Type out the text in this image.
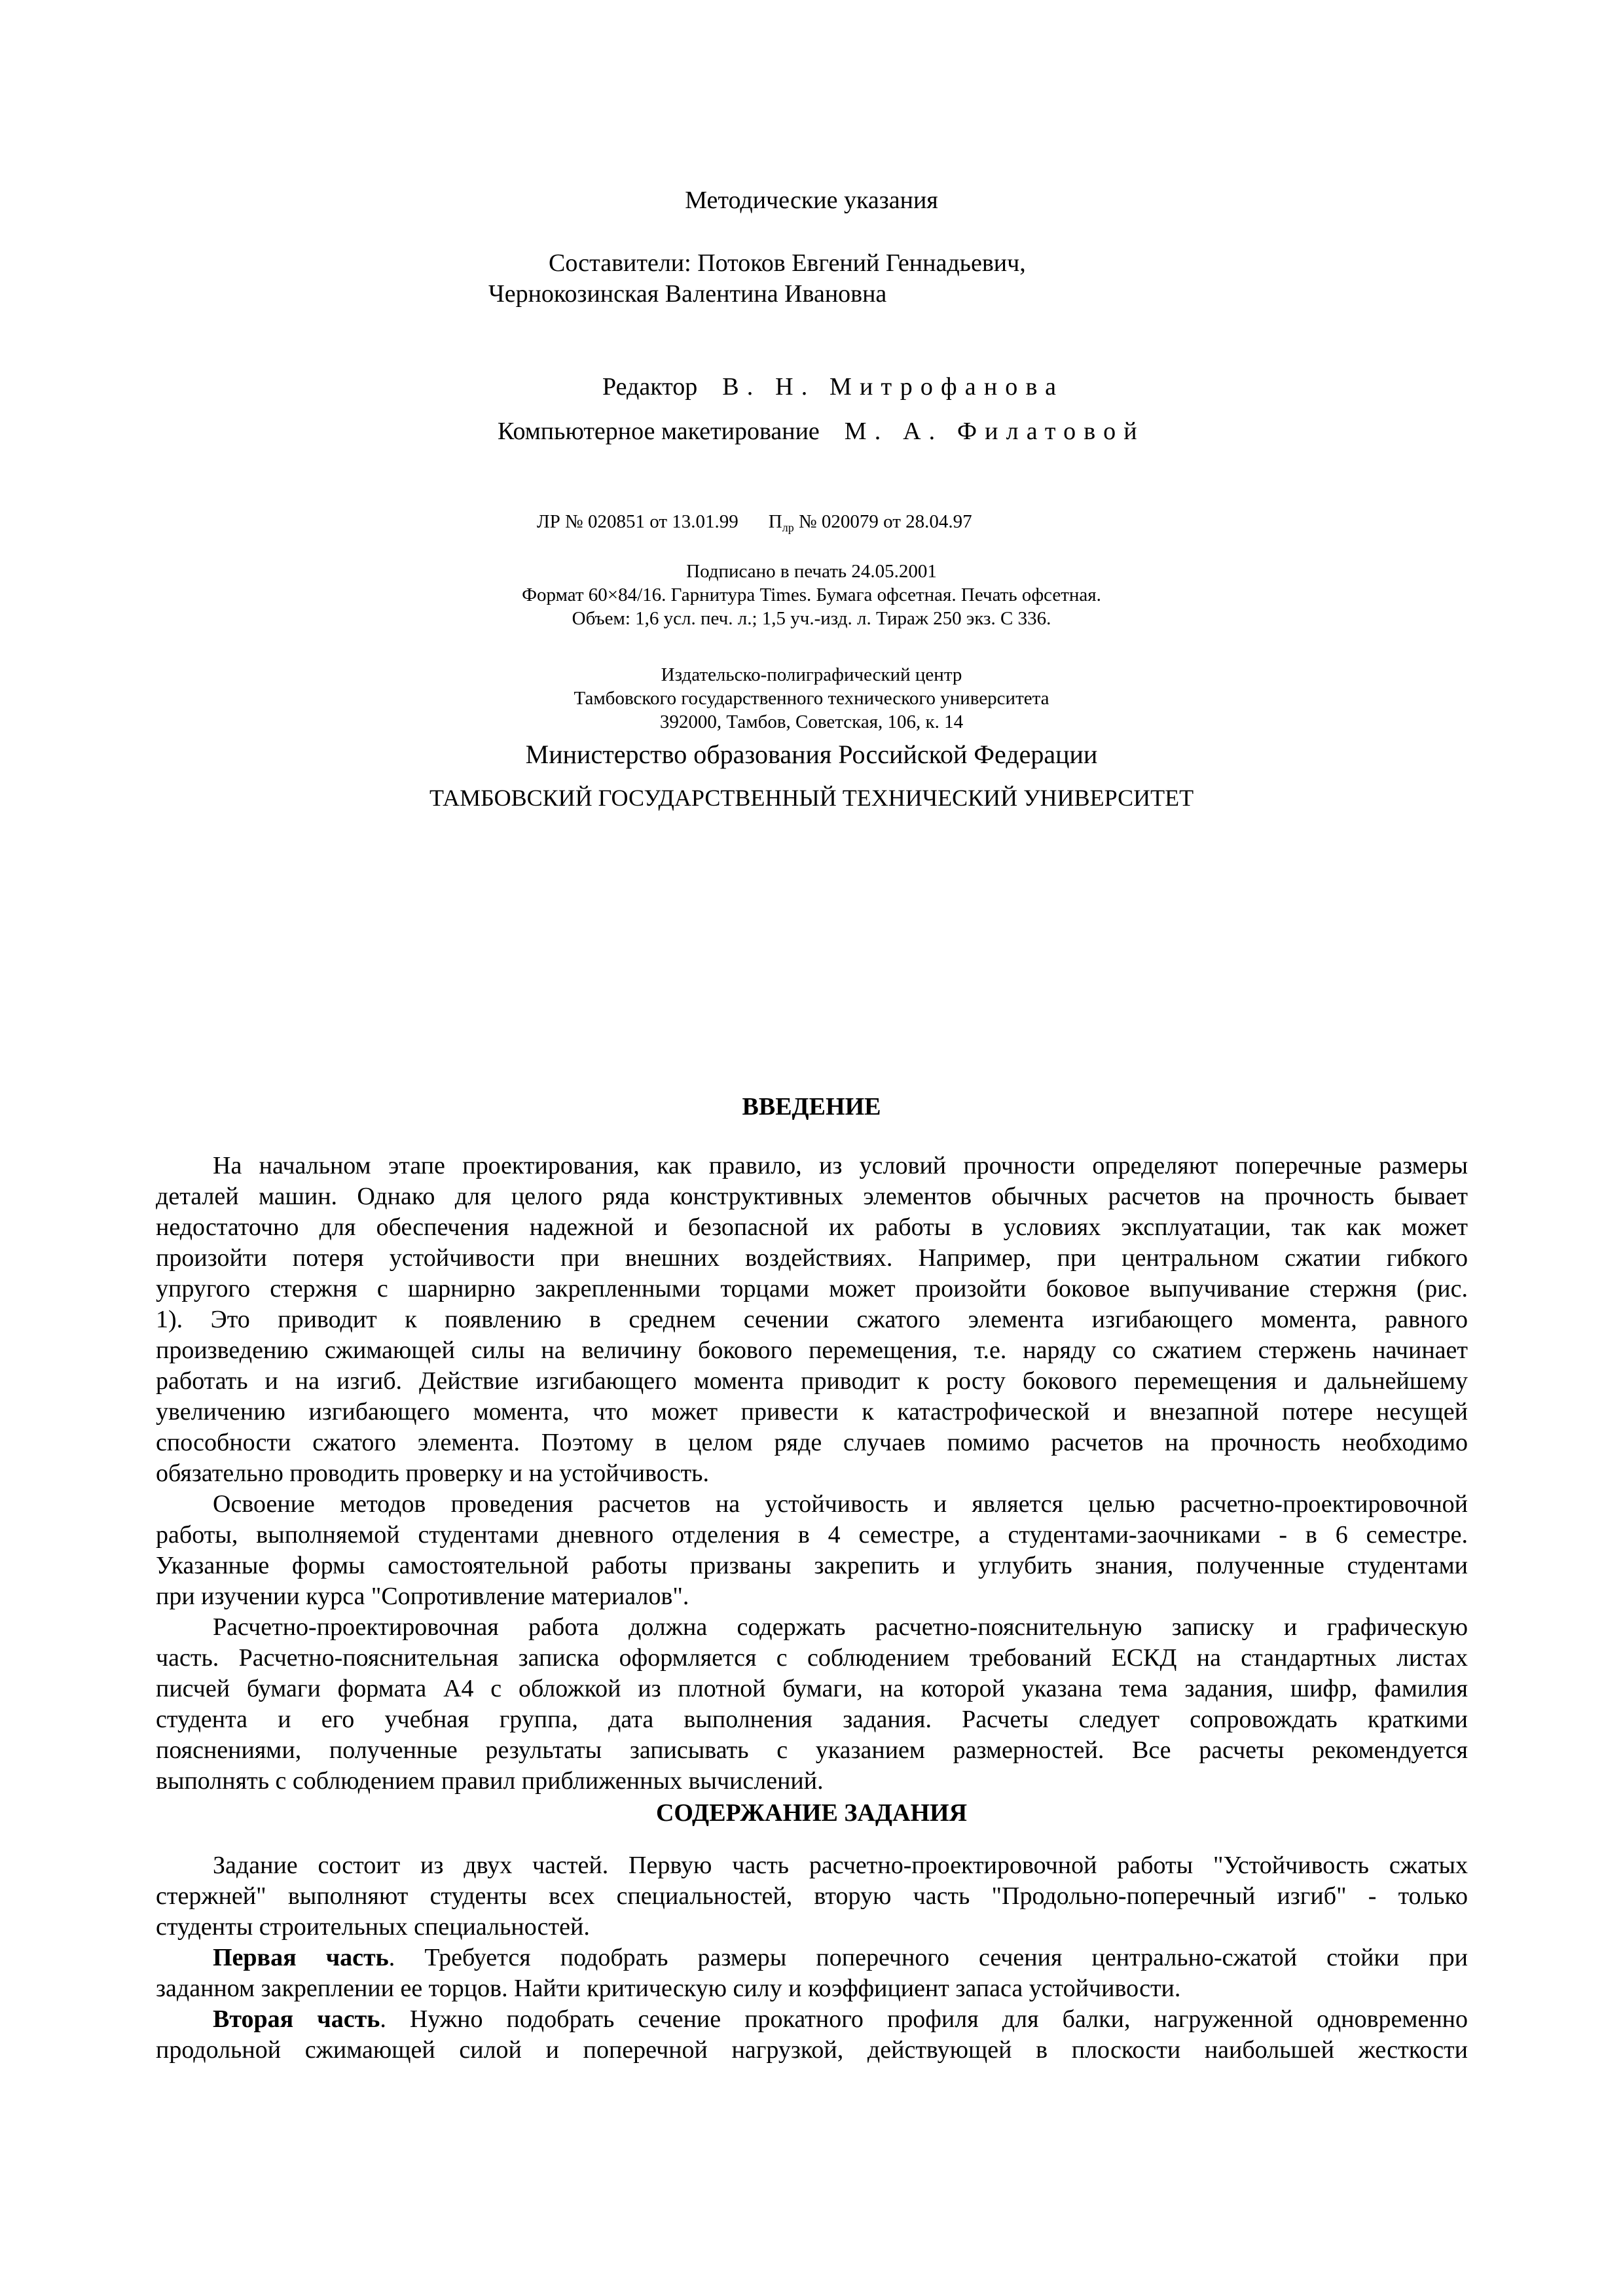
Методические указания
Составители: Потоков Евгений Геннадьевич,
Чернокозинская Валентина Ивановна
Редактор В. Н. Митрофанова
Компьютерное макетирование М. А. Филатовой
ЛР № 020851 от 13.01.99 $П_{лр}$ № 020079 от 28.04.97
Подписано в печать 24.05.2001
Формат 60×84/16. Гарнитура Times. Бумага офсетная. Печать офсетная.
Объем: 1,6 усл. печ. л.; 1,5 уч.-изд. л. Тираж 250 экз. С 336.
Издательско-полиграфический центр
Тамбовского государственного технического университета
392000, Тамбов, Советская, 106, к. 14
Министерство образования Российской Федерации
ТАМБОВСКИЙ ГОСУДАРСТВЕННЫЙ ТЕХНИЧЕСКИЙ УНИВЕРСИТЕТ
ВВЕДЕНИЕ
На начальном этапе проектирования, как правило, из условий прочности определяют поперечные размеры
деталей машин. Однако для целого ряда конструктивных элементов обычных расчетов на прочность бывает
недостаточно для обеспечения надежной и безопасной их работы в условиях эксплуатации, так как может
произойти потеря устойчивости при внешних воздействиях. Например, при центральном сжатии гибкого
упругого стержня с шарнирно закрепленными торцами может произойти боковое выпучивание стержня (рис.
1). Это приводит к появлению в среднем сечении сжатого элемента изгибающего момента, равного
произведению сжимающей силы на величину бокового перемещения, т.е. наряду со сжатием стержень начинает
работать и на изгиб. Действие изгибающего момента приводит к росту бокового перемещения и дальнейшему
увеличению изгибающего момента, что может привести к катастрофической и внезапной потере несущей
способности сжатого элемента. Поэтому в целом ряде случаев помимо расчетов на прочность необходимо
обязательно проводить проверку и на устойчивость.
Освоение методов проведения расчетов на устойчивость и является целью расчетно-проектировочной
работы, выполняемой студентами дневного отделения в 4 семестре, а студентами-заочниками - в 6 семестре.
Указанные формы самостоятельной работы призваны закрепить и углубить знания, полученные студентами
при изучении курса "Сопротивление материалов".
Расчетно-проектировочная работа должна содержать расчетно-пояснительную записку и графическую
часть. Расчетно-пояснительная записка оформляется с соблюдением требований ЕСКД на стандартных листах
писчей бумаги формата А4 с обложкой из плотной бумаги, на которой указана тема задания, шифр, фамилия
студента и его учебная группа, дата выполнения задания. Расчеты следует сопровождать краткими
пояснениями, полученные результаты записывать с указанием размерностей. Все расчеты рекомендуется
выполнять с соблюдением правил приближенных вычислений.
СОДЕРЖАНИЕ ЗАДАНИЯ
Задание состоит из двух частей. Первую часть расчетно-проектировочной работы "Устойчивость сжатых
стержней" выполняют студенты всех специальностей, вторую часть "Продольно-поперечный изгиб" - только
студенты строительных специальностей.
Первая часть. Требуется подобрать размеры поперечного сечения центрально-сжатой стойки при
заданном закреплении ее торцов. Найти критическую силу и коэффициент запаса устойчивости.
Вторая часть. Нужно подобрать сечение прокатного профиля для балки, нагруженной одновременно
продольной сжимающей силой и поперечной нагрузкой, действующей в плоскости наибольшей жесткости
